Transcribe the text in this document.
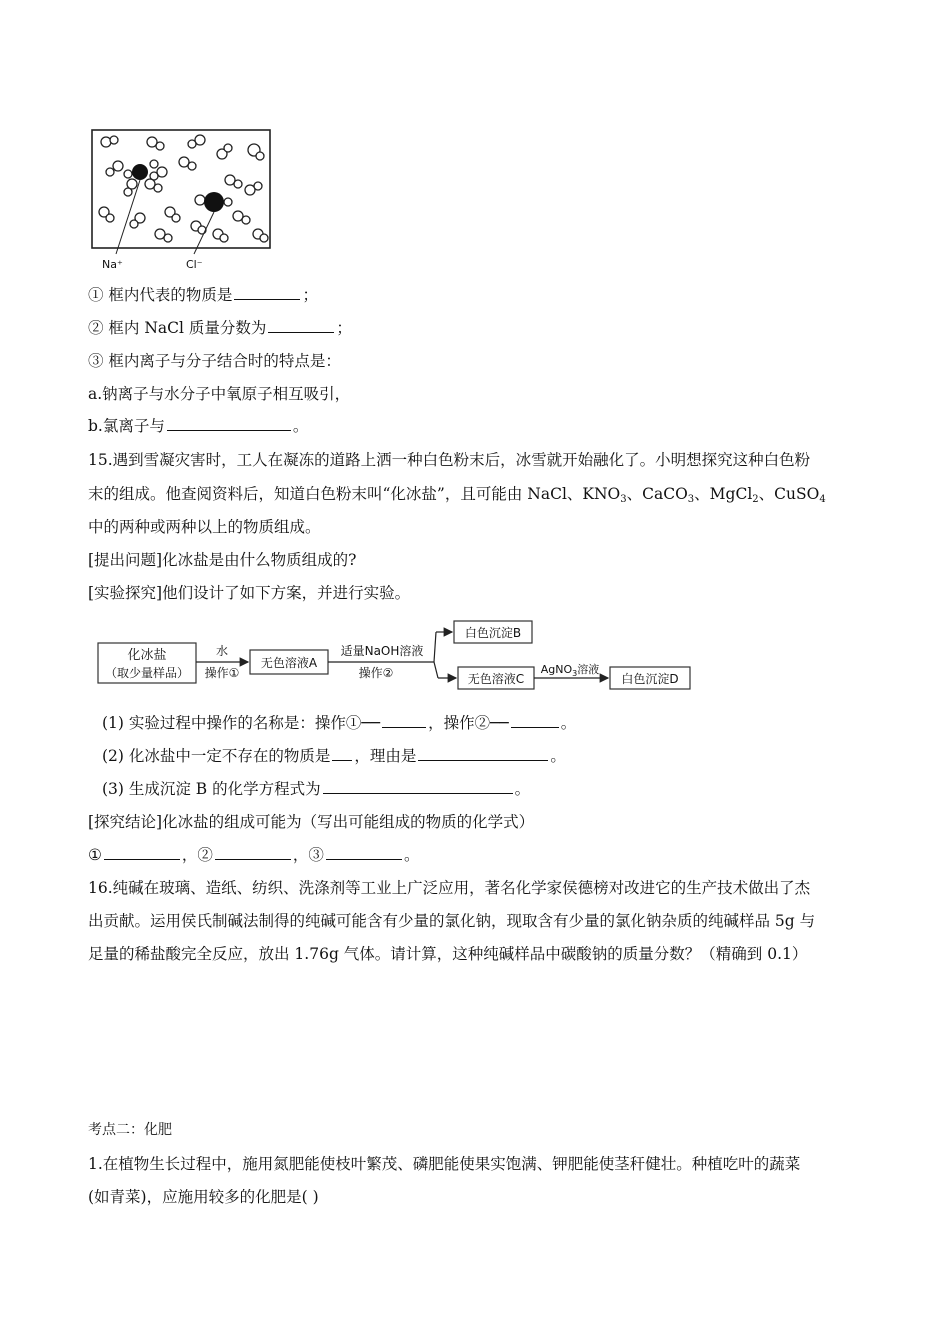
Na⁺	Cl⁻
① 框内代表的物质是	；
② 框内 NaCl 质量分数为	；
③ 框内离子与分子结合时的特点是：
a.钠离子与水分子中氧原子相互吸引，
b.氯离子与	。
15.遇到雪凝灾害时，工人在凝冻的道路上洒一种白色粉末后，冰雪就开始融化了。小明想探究这种白色粉
末的组成。他查阅资料后，知道白色粉末叫“化冰盐”，且可能由 NaCl、$KNO_3$、CaCO$_3$、MgCl$_2$、CuSO$_4$
中的两种或两种以上的物质组成。
[提出问题]化冰盐是由什么物质组成的?
[实验探究]他们设计了如下方案，并进行实验。
化冰盐
（取少量样品）
水
操作①
无色溶液A
适量NaOH溶液
操作②
白色沉淀B
无色溶液C
AgNO$_3$溶液
白色沉淀D
(1) 实验过程中操作的名称是：操作①──	，操作②──	。
(2) 化冰盐中一定不存在的物质是 ，理由是	。
(3) 生成沉淀 B 的化学方程式为	。
[探究结论]化冰盐的组成可能为（写出可能组成的物质的化学式）
①	，②	，③	。
16.纯碱在玻璃、造纸、纺织、洗涤剂等工业上广泛应用，著名化学家侯德榜对改进它的生产技术做出了杰
出贡献。运用侯氏制碱法制得的纯碱可能含有少量的氯化钠，现取含有少量的氯化钠杂质的纯碱样品 5g 与
足量的稀盐酸完全反应，放出 1.76g 气体。请计算，这种纯碱样品中碳酸钠的质量分数？（精确到 0.1）
考点二：化肥
1.在植物生长过程中，施用氮肥能使枝叶繁茂、磷肥能使果实饱满、钾肥能使茎秆健壮。种植吃叶的蔬菜
(如青菜)，应施用较多的化肥是( )
